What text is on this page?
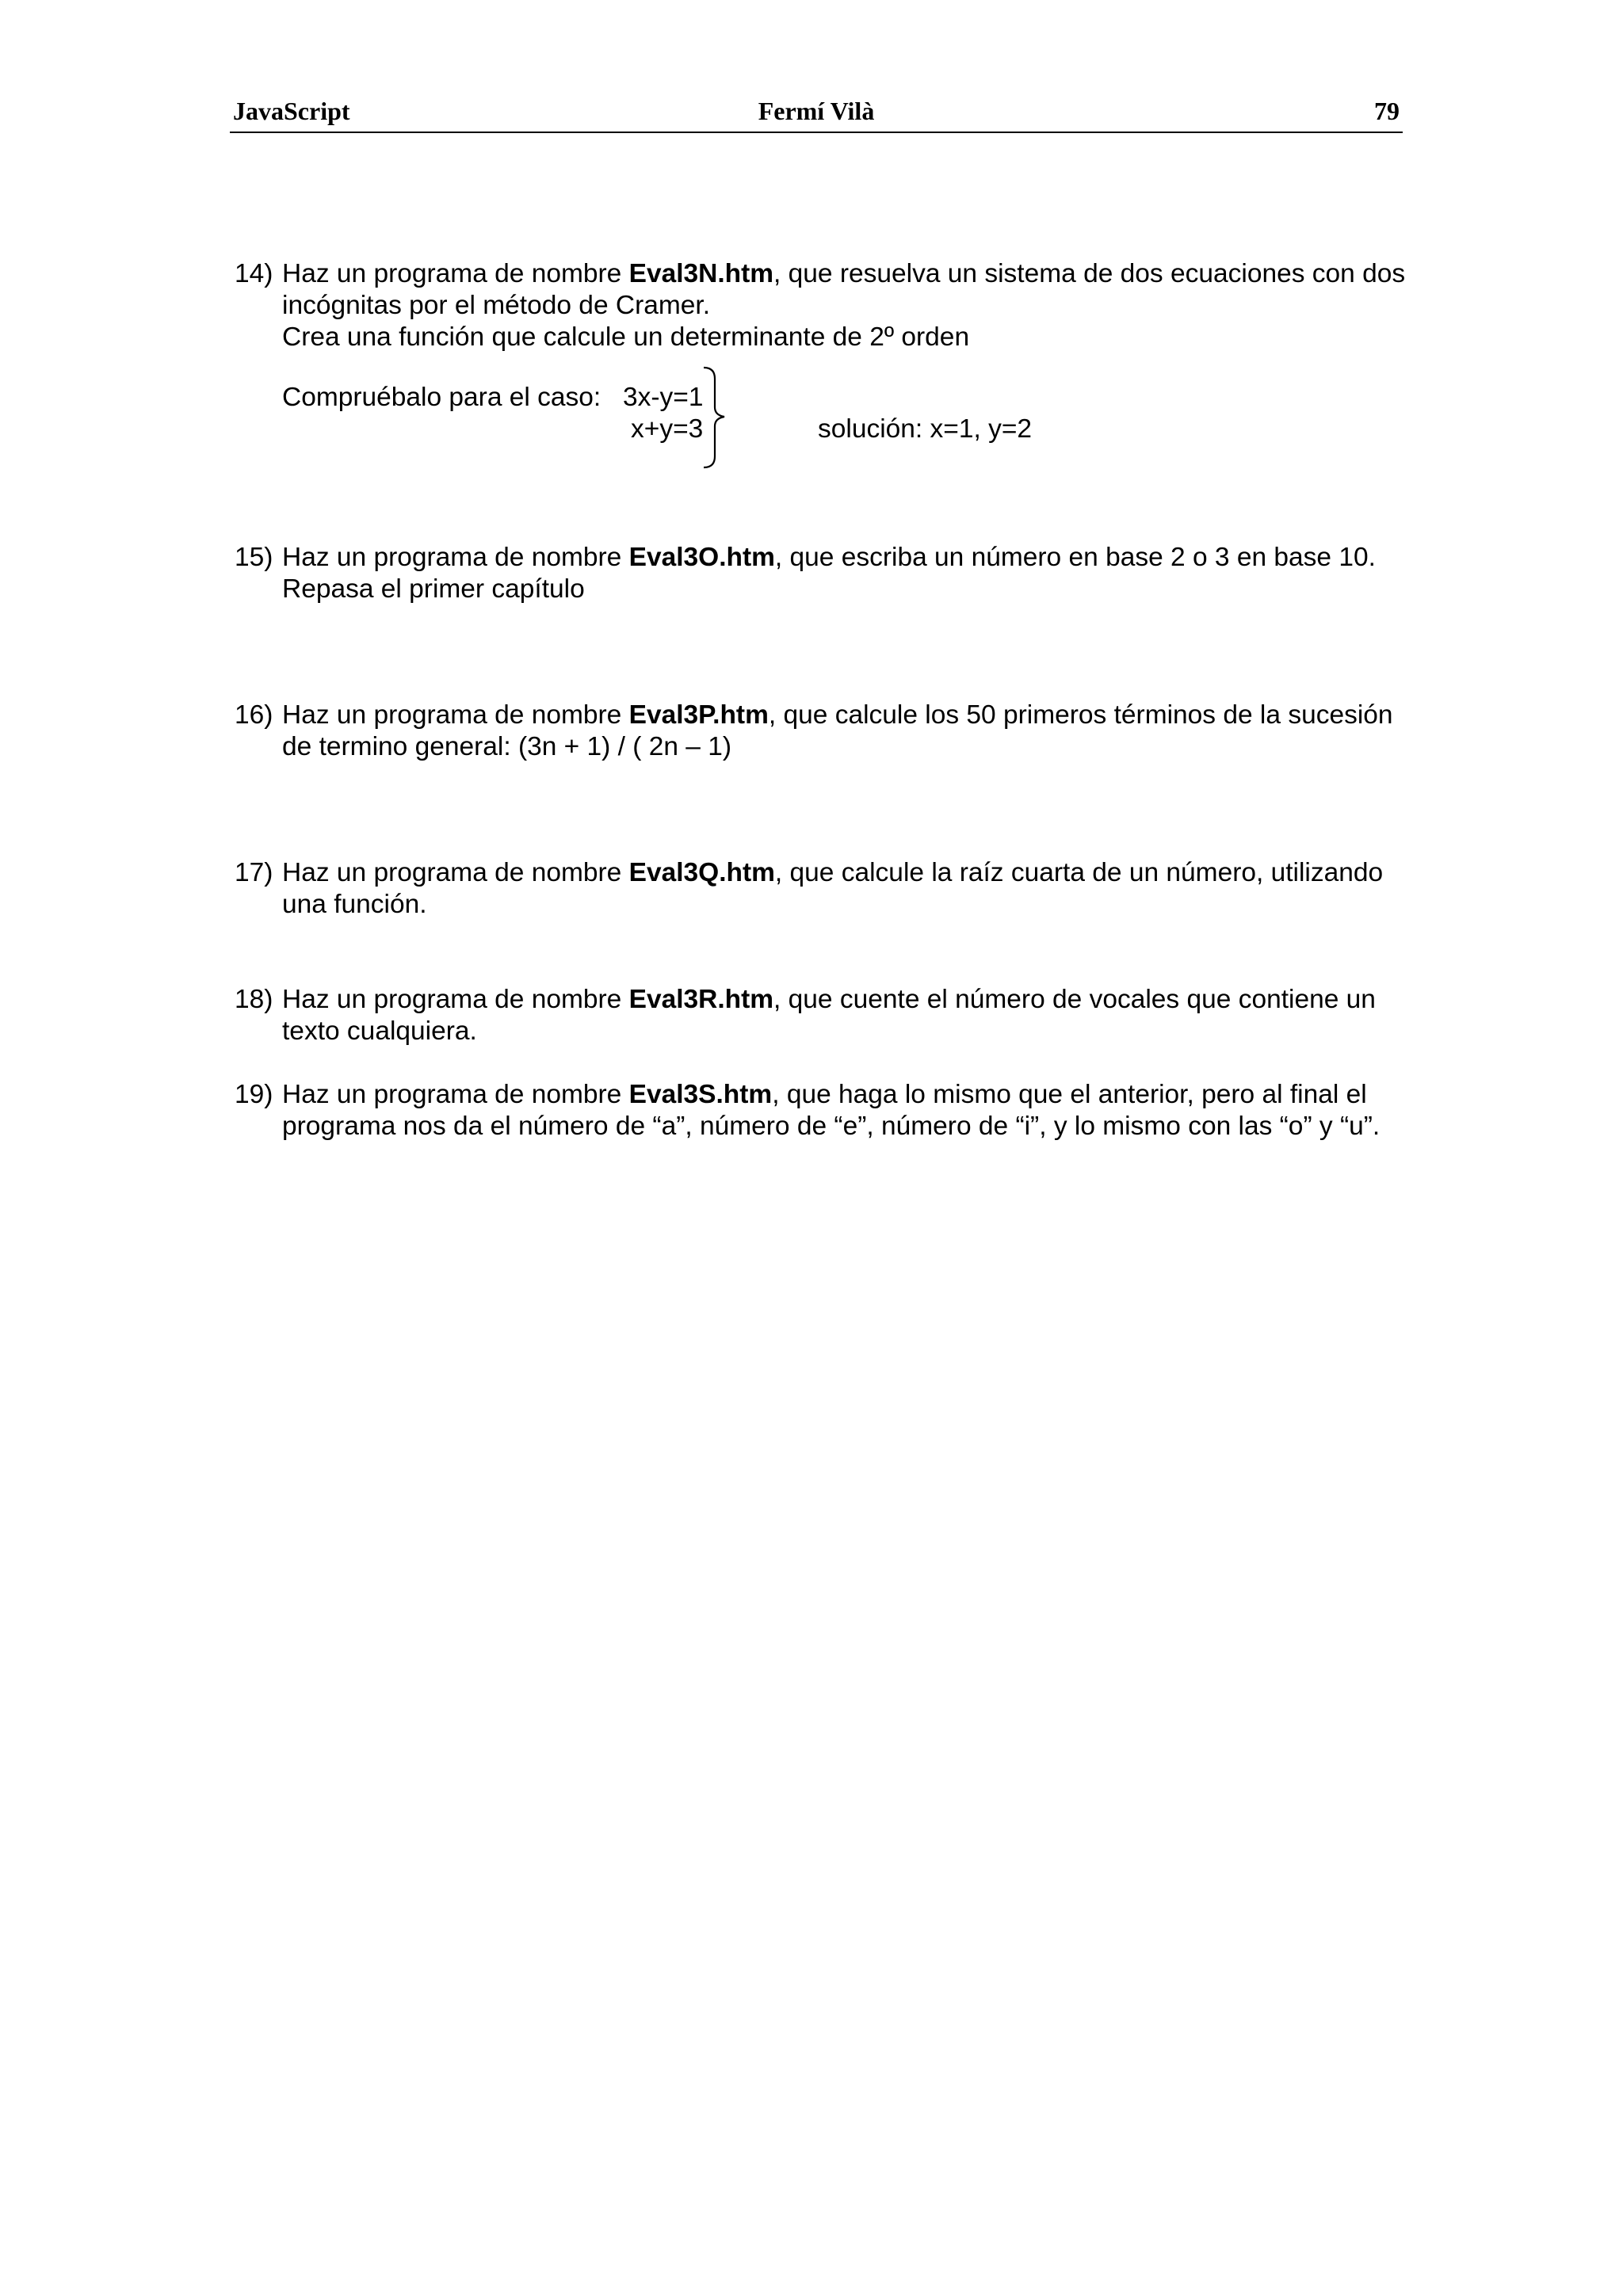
JavaScript	Fermí Vilà	79
14) Haz un programa de nombre Eval3N.htm, que resuelva un sistema de dos ecuaciones con dos incógnitas por el método de Cramer.

Crea una función que calcule un determinante de 2º orden

Compruébalo para el caso: 3x-y=1
x+y=3	solución: x=1, y=2
15) Haz un programa de nombre Eval3O.htm, que escriba un número en base 2 o 3 en base 10.

Repasa el primer capítulo

16) Haz un programa de nombre Eval3P.htm, que calcule los 50 primeros términos de la sucesión de termino general: (3n + 1) / ( 2n – 1)

17) Haz un programa de nombre Eval3Q.htm, que calcule la raíz cuarta de un número, utilizando una función.

18) Haz un programa de nombre Eval3R.htm, que cuente el número de vocales que contiene un texto cualquiera.

19) Haz un programa de nombre Eval3S.htm, que haga lo mismo que el anterior, pero al final el programa nos da el número de “a”, número de “e”, número de “i”, y lo mismo con las “o” y “u”.
